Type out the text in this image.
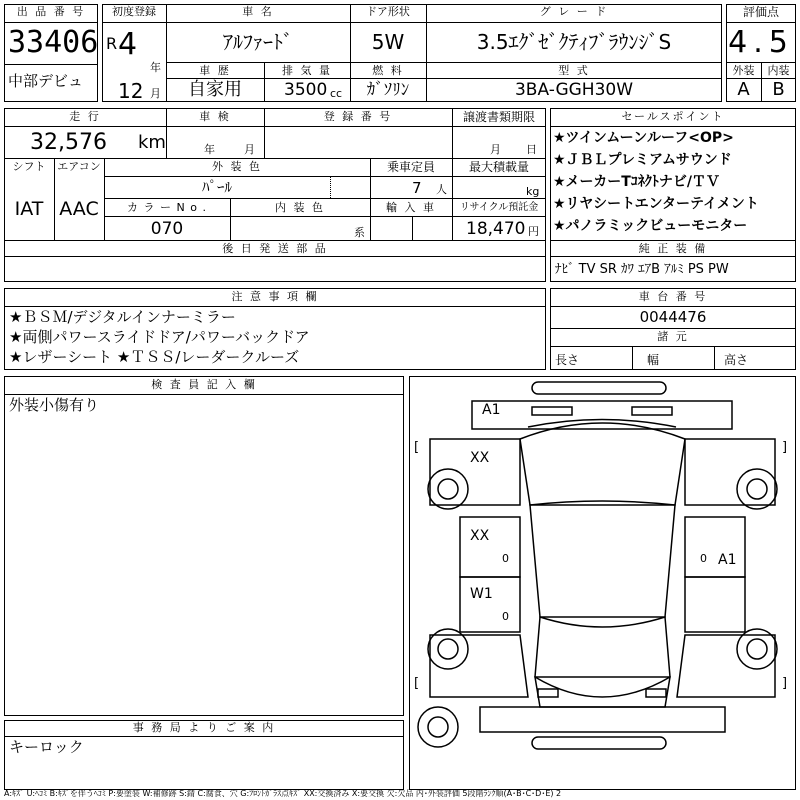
出 品 番 号
33406
中部デビュ
初度登録
R 4
年
12 月
車 名
ｱﾙﾌｧｰﾄﾞ
ドア形状
5W
グ レ ー ド
3.5ｴｸﾞｾﾞｸﾃｨﾌﾞﾗｳﾝｼﾞS
車 歴
自家用
排 気 量
3500 cc
燃 料
ｶﾞｿﾘﾝ
型 式
3BA-GGH30W
評価点
4.5
外装	内装
A	B
走 行
32,576 km
車 検
年	月
登 録 番 号	譲渡書類期限
月 日
シフト
IAT
エアコン
AAC
外 装 色
ﾊﾟｰﾙ
乗車定員
7 人
最大積載量
kg
カ ラ ー N o .
070
内 装 色
系
輸 入 車	リサイクル預託金
18,470 円
後 日 発 送 部 品
セールスポイント
★ツインムーンルーフ<OP>
★ＪＢＬプレミアムサウンド
★メーカーTｺﾈｸﾄナビ/ＴＶ
★リヤシートエンターテイメント
★パノラミックビューモニター
純 正 装 備
ﾅﾋﾞ TV SR ｶﾜ ｴｱB ｱﾙﾐ PS PW
注 意 事 項 欄
★ＢＳＭ/デジタルインナーミラー
★両側パワースライドドア/パワーバックドア
★レザーシート ★ＴＳＳ/レーダークルーズ
車 台 番 号
0044476
諸 元
長さ	幅	高さ
検 査 員 記 入 欄
外装小傷有り
事 務 局 よ り ご 案 内
キーロック
A1
XX
XX
0	0 A1
W1
0
[	]
[	]
A:ｷｽﾞ U:ﾍｺﾐ B:ｷｽﾞを伴うﾍｺﾐ P:要塗装 W:補修跡 S:錆 C:腐食、穴 G:ﾌﾛﾝﾄｶﾞﾗｽ点ｷｽﾞ XX:交換済み X:要交換 欠:欠品 内･外装評価 5段階ﾗﾝｸ順(A･B･C･D･E) 2
